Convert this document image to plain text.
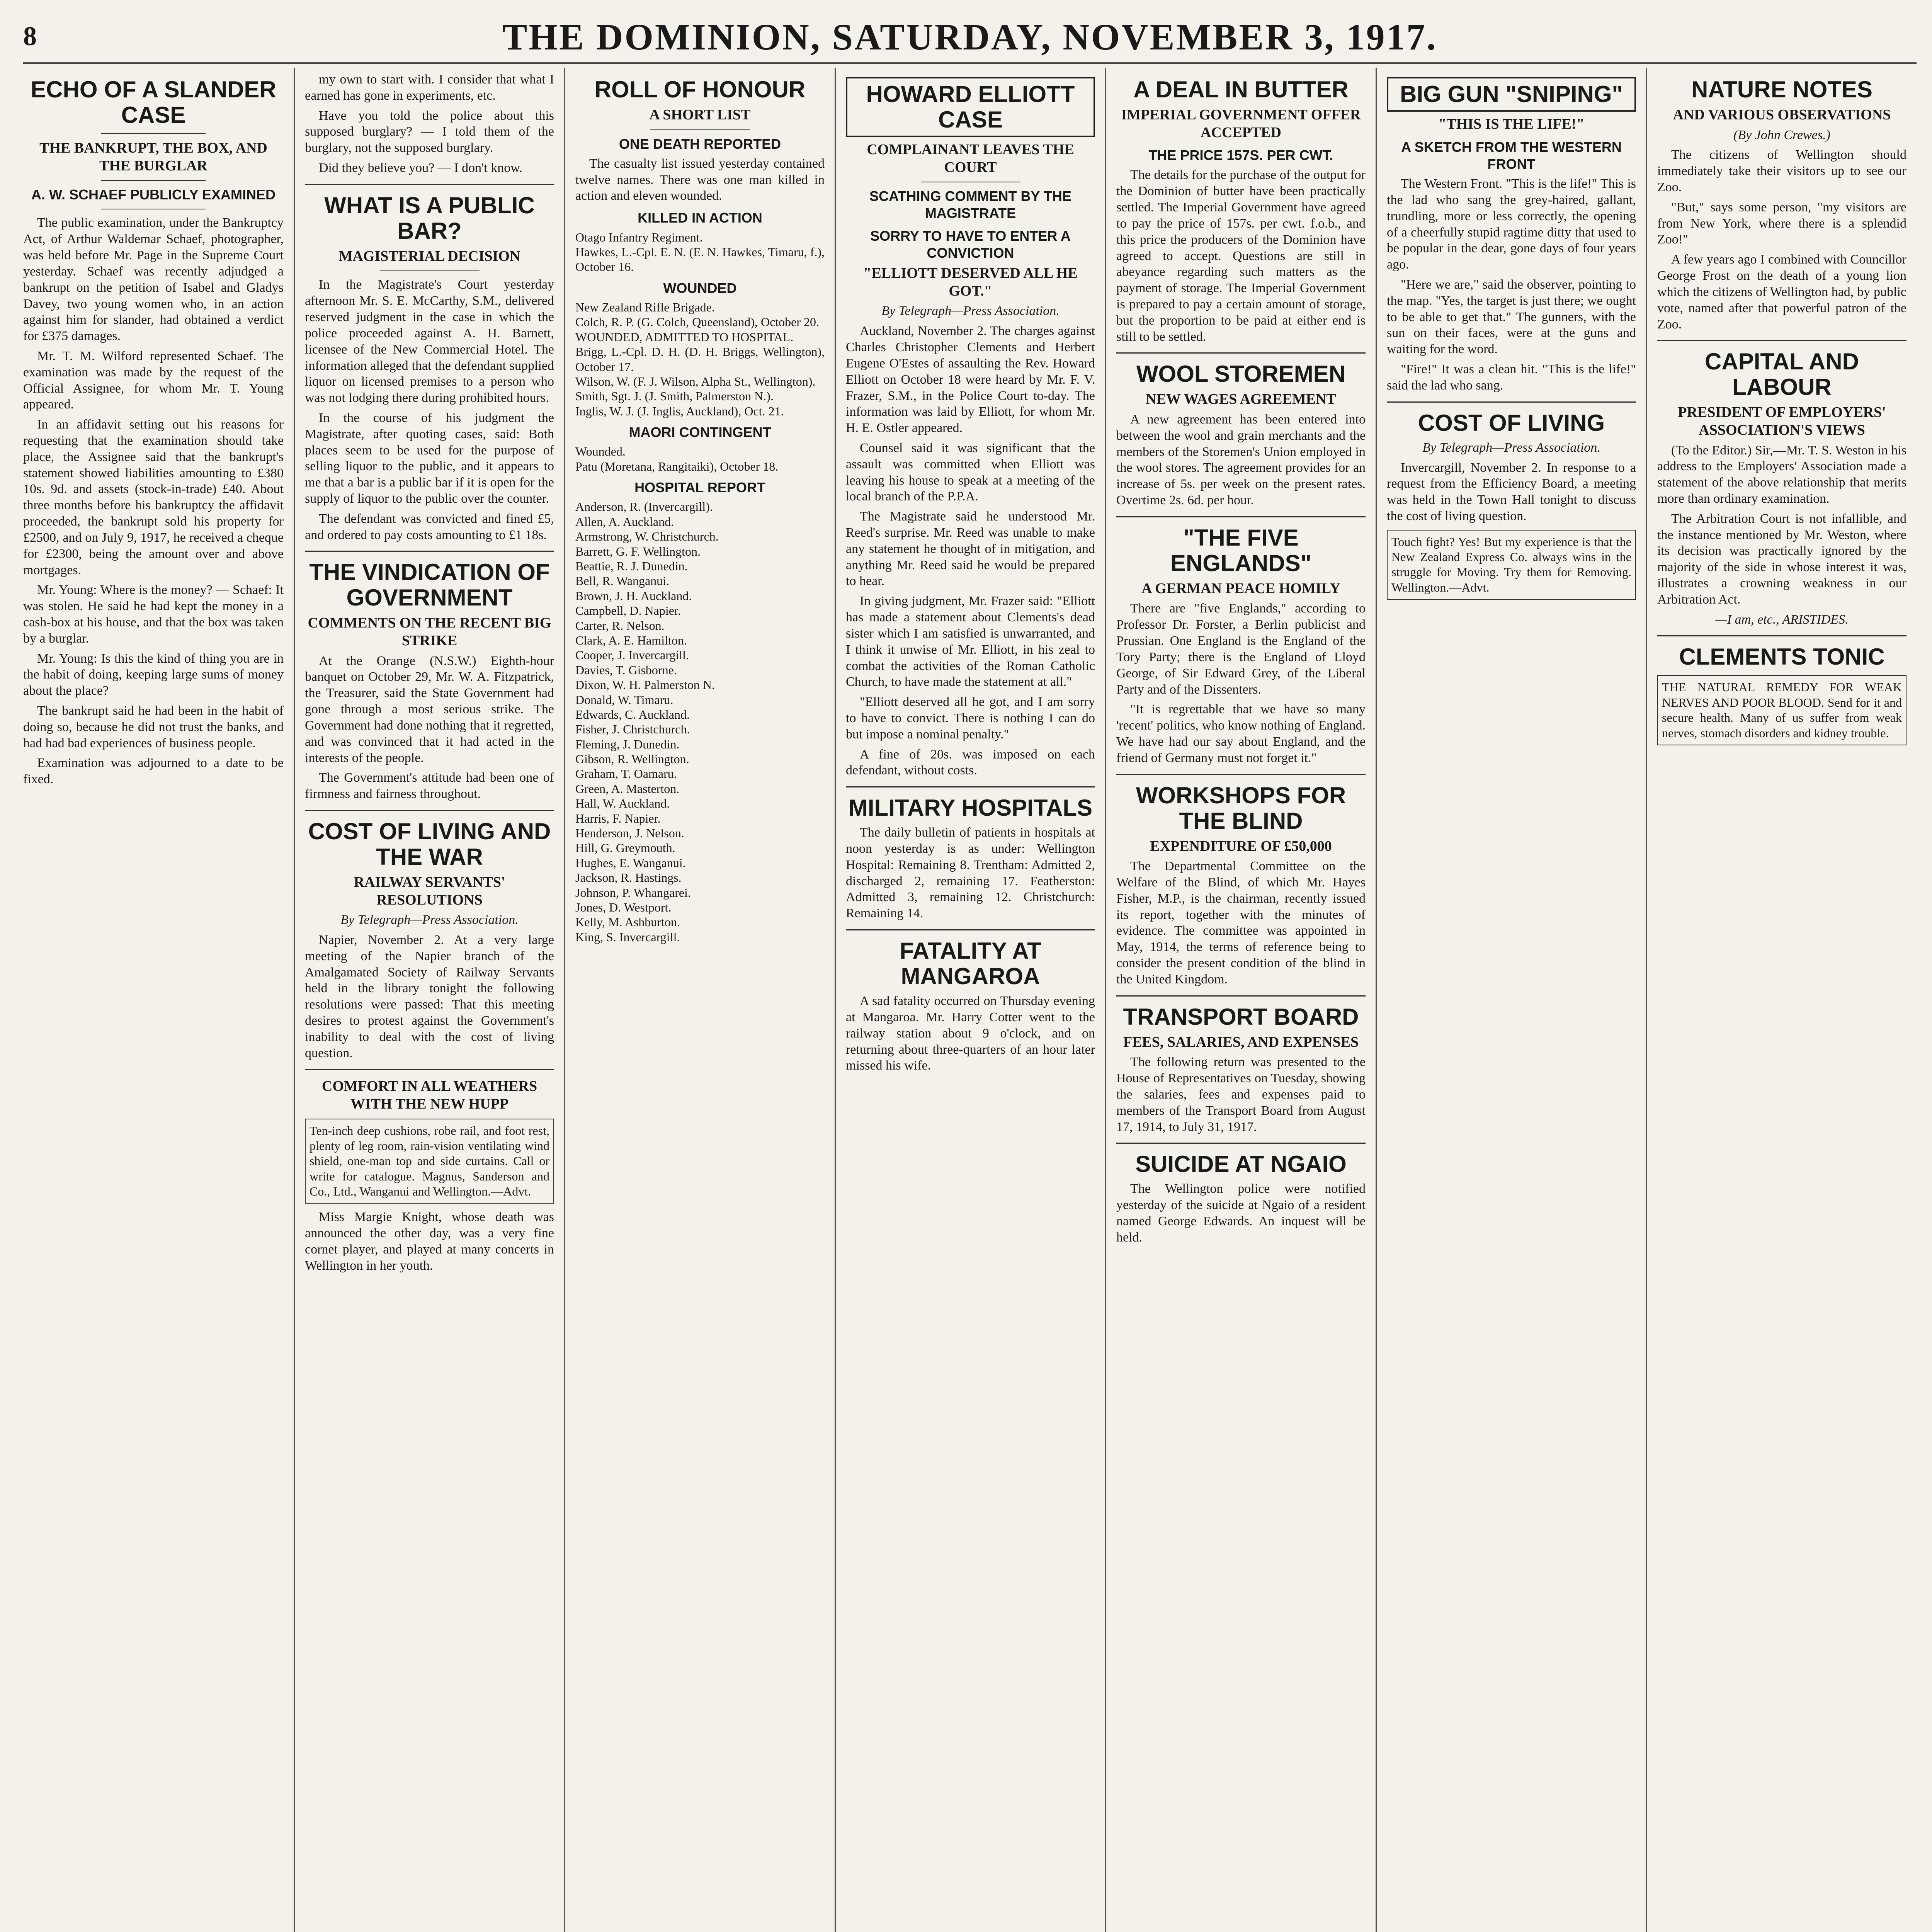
8	THE DOMINION, SATURDAY, NOVEMBER 3, 1917.
ECHO OF A SLANDER CASE
THE BANKRUPT, THE BOX, AND THE BURGLAR
A. W. SCHAEF PUBLICLY EXAMINED

The public examination, under the Bankruptcy Act, of Arthur Waldemar Schaef, photographer, was held before Mr. Page in the Supreme Court yesterday. Schaef was recently adjudged a bankrupt on the petition of Isabel and Gladys Davey, two young women who, in an action against him for slander, had obtained a verdict for £375 damages.

Mr. T. M. Wilford represented Schaef. The examination was made by the request of the Official Assignee, for whom Mr. T. Young appeared.

In an affidavit setting out his reasons for requesting that the examination should take place, the Assignee said that the bankrupt's statement showed liabilities amounting to £380 10s. 9d. and assets (stock-in-trade) £40. About three months before his bankruptcy the affidavit proceeded, the bankrupt sold his property for £2500, and on July 9, 1917, he received a cheque for £2300, being the amount over and above mortgages.

Mr. Young: Where is the money? — Schaef: It was stolen. He said he had kept the money in a cash-box at his house, and that the box was taken by a burglar.

Mr. Young: Is this the kind of thing you are in the habit of doing, keeping large sums of money about the place?

The bankrupt said he had been in the habit of doing so, because he did not trust the banks, and had had bad experiences of business people.

Examination was adjourned to a date to be fixed.

my own to start with. I consider that what I earned has gone in experiments, etc.

Have you told the police about this supposed burglary? — I told them of the burglary, not the supposed burglary.

Did they believe you? — I don't know.

WHAT IS A PUBLIC BAR?
MAGISTERIAL DECISION

In the Magistrate's Court yesterday afternoon Mr. S. E. McCarthy, S.M., delivered reserved judgment in the case in which the police proceeded against A. H. Barnett, licensee of the New Commercial Hotel. The information alleged that the defendant supplied liquor on licensed premises to a person who was not lodging there during prohibited hours.

In the course of his judgment the Magistrate, after quoting cases, said: Both places seem to be used for the purpose of selling liquor to the public, and it appears to me that a bar is a public bar if it is open for the supply of liquor to the public over the counter.

The defendant was convicted and fined £5, and ordered to pay costs amounting to £1 18s.

THE VINDICATION OF GOVERNMENT
COMMENTS ON THE RECENT BIG STRIKE

At the Orange (N.S.W.) Eighth-hour banquet on October 29, Mr. W. A. Fitzpatrick, the Treasurer, said the State Government had gone through a most serious strike. The Government had done nothing that it regretted, and was convinced that it had acted in the interests of the people.

The Government's attitude had been one of firmness and fairness throughout.

COST OF LIVING AND THE WAR
RAILWAY SERVANTS' RESOLUTIONS
By Telegraph—Press Association.

Napier, November 2. At a very large meeting of the Napier branch of the Amalgamated Society of Railway Servants held in the library tonight the following resolutions were passed: That this meeting desires to protest against the Government's inability to deal with the cost of living question.

COMFORT IN ALL WEATHERS WITH THE NEW HUPP
Ten-inch deep cushions, robe rail, and foot rest, plenty of leg room, rain-vision ventilating wind shield, one-man top and side curtains. Call or write for catalogue. Magnus, Sanderson and Co., Ltd., Wanganui and Wellington.—Advt.

Miss Margie Knight, whose death was announced the other day, was a very fine cornet player, and played at many concerts in Wellington in her youth.

ROLL OF HONOUR
A SHORT LIST
ONE DEATH REPORTED

The casualty list issued yesterday contained twelve names. There was one man killed in action and eleven wounded.

KILLED IN ACTION
Otago Infantry Regiment.
Hawkes, L.-Cpl. E. N. (E. N. Hawkes, Timaru, f.), October 16.
WOUNDED
New Zealand Rifle Brigade.
Colch, R. P. (G. Colch, Queensland), October 20.
WOUNDED, ADMITTED TO HOSPITAL.
Brigg, L.-Cpl. D. H. (D. H. Briggs, Wellington), October 17.
Wilson, W. (F. J. Wilson, Alpha St., Wellington).
Smith, Sgt. J. (J. Smith, Palmerston N.).
Inglis, W. J. (J. Inglis, Auckland), Oct. 21.
MAORI CONTINGENT
Wounded.
Patu (Moretana, Rangitaiki), October 18.
HOSPITAL REPORT
Anderson, R. (Invercargill).
Allen, A. Auckland.
Armstrong, W. Christchurch.
Barrett, G. F. Wellington.
Beattie, R. J. Dunedin.
Bell, R. Wanganui.
Brown, J. H. Auckland.
Campbell, D. Napier.
Carter, R. Nelson.
Clark, A. E. Hamilton.
Cooper, J. Invercargill.
Davies, T. Gisborne.
Dixon, W. H. Palmerston N.
Donald, W. Timaru.
Edwards, C. Auckland.
Fisher, J. Christchurch.
Fleming, J. Dunedin.
Gibson, R. Wellington.
Graham, T. Oamaru.
Green, A. Masterton.
Hall, W. Auckland.
Harris, F. Napier.
Henderson, J. Nelson.
Hill, G. Greymouth.
Hughes, E. Wanganui.
Jackson, R. Hastings.
Johnson, P. Whangarei.
Jones, D. Westport.
Kelly, M. Ashburton.
King, S. Invercargill.
HOWARD ELLIOTT CASE
COMPLAINANT LEAVES THE COURT
SCATHING COMMENT BY THE MAGISTRATE
SORRY TO HAVE TO ENTER A CONVICTION
"ELLIOTT DESERVED ALL HE GOT."
By Telegraph—Press Association.

Auckland, November 2. The charges against Charles Christopher Clements and Herbert Eugene O'Estes of assaulting the Rev. Howard Elliott on October 18 were heard by Mr. F. V. Frazer, S.M., in the Police Court to-day. The information was laid by Elliott, for whom Mr. H. E. Ostler appeared.

Counsel said it was significant that the assault was committed when Elliott was leaving his house to speak at a meeting of the local branch of the P.P.A.

The Magistrate said he understood Mr. Reed's surprise. Mr. Reed was unable to make any statement he thought of in mitigation, and anything Mr. Reed said he would be prepared to hear.

In giving judgment, Mr. Frazer said: "Elliott has made a statement about Clements's dead sister which I am satisfied is unwarranted, and I think it unwise of Mr. Elliott, in his zeal to combat the activities of the Roman Catholic Church, to have made the statement at all."

"Elliott deserved all he got, and I am sorry to have to convict. There is nothing I can do but impose a nominal penalty."

A fine of 20s. was imposed on each defendant, without costs.

MILITARY HOSPITALS

The daily bulletin of patients in hospitals at noon yesterday is as under: Wellington Hospital: Remaining 8. Trentham: Admitted 2, discharged 2, remaining 17. Featherston: Admitted 3, remaining 12. Christchurch: Remaining 14.

FATALITY AT MANGAROA

A sad fatality occurred on Thursday evening at Mangaroa. Mr. Harry Cotter went to the railway station about 9 o'clock, and on returning about three-quarters of an hour later missed his wife.

A DEAL IN BUTTER
IMPERIAL GOVERNMENT OFFER ACCEPTED
THE PRICE 157S. PER CWT.

The details for the purchase of the output for the Dominion of butter have been practically settled. The Imperial Government have agreed to pay the price of 157s. per cwt. f.o.b., and this price the producers of the Dominion have agreed to accept. Questions are still in abeyance regarding such matters as the payment of storage. The Imperial Government is prepared to pay a certain amount of storage, but the proportion to be paid at either end is still to be settled.

WOOL STOREMEN
NEW WAGES AGREEMENT

A new agreement has been entered into between the wool and grain merchants and the members of the Storemen's Union employed in the wool stores. The agreement provides for an increase of 5s. per week on the present rates. Overtime 2s. 6d. per hour.

"THE FIVE ENGLANDS"
A GERMAN PEACE HOMILY

There are "five Englands," according to Professor Dr. Forster, a Berlin publicist and Prussian. One England is the England of the Tory Party; there is the England of Lloyd George, of Sir Edward Grey, of the Liberal Party and of the Dissenters.

"It is regrettable that we have so many 'recent' politics, who know nothing of England. We have had our say about England, and the friend of Germany must not forget it."

WORKSHOPS FOR THE BLIND
EXPENDITURE OF £50,000

The Departmental Committee on the Welfare of the Blind, of which Mr. Hayes Fisher, M.P., is the chairman, recently issued its report, together with the minutes of evidence. The committee was appointed in May, 1914, the terms of reference being to consider the present condition of the blind in the United Kingdom.

TRANSPORT BOARD
FEES, SALARIES, AND EXPENSES

The following return was presented to the House of Representatives on Tuesday, showing the salaries, fees and expenses paid to members of the Transport Board from August 17, 1914, to July 31, 1917.

SUICIDE AT NGAIO

The Wellington police were notified yesterday of the suicide at Ngaio of a resident named George Edwards. An inquest will be held.

BIG GUN "SNIPING"
"THIS IS THE LIFE!"
A SKETCH FROM THE WESTERN FRONT

The Western Front. "This is the life!" This is the lad who sang the grey-haired, gallant, trundling, more or less correctly, the opening of a cheerfully stupid ragtime ditty that used to be popular in the dear, gone days of four years ago.

"Here we are," said the observer, pointing to the map. "Yes, the target is just there; we ought to be able to get that." The gunners, with the sun on their faces, were at the guns and waiting for the word.

"Fire!" It was a clean hit. "This is the life!" said the lad who sang.

COST OF LIVING
By Telegraph—Press Association.

Invercargill, November 2. In response to a request from the Efficiency Board, a meeting was held in the Town Hall tonight to discuss the cost of living question.

Touch fight? Yes! But my experience is that the New Zealand Express Co. always wins in the struggle for Moving. Try them for Removing. Wellington.—Advt.
NATURE NOTES
AND VARIOUS OBSERVATIONS
(By John Crewes.)

The citizens of Wellington should immediately take their visitors up to see our Zoo.

"But," says some person, "my visitors are from New York, where there is a splendid Zoo!"

A few years ago I combined with Councillor George Frost on the death of a young lion which the citizens of Wellington had, by public vote, named after that powerful patron of the Zoo.

CAPITAL AND LABOUR
PRESIDENT OF EMPLOYERS' ASSOCIATION'S VIEWS

(To the Editor.) Sir,—Mr. T. S. Weston in his address to the Employers' Association made a statement of the above relationship that merits more than ordinary examination.

The Arbitration Court is not infallible, and the instance mentioned by Mr. Weston, where its decision was practically ignored by the majority of the side in whose interest it was, illustrates a crowning weakness in our Arbitration Act.

—I am, etc., ARISTIDES.
CLEMENTS TONIC
THE NATURAL REMEDY FOR WEAK NERVES AND POOR BLOOD. Send for it and secure health. Many of us suffer from weak nerves, stomach disorders and kidney trouble.
